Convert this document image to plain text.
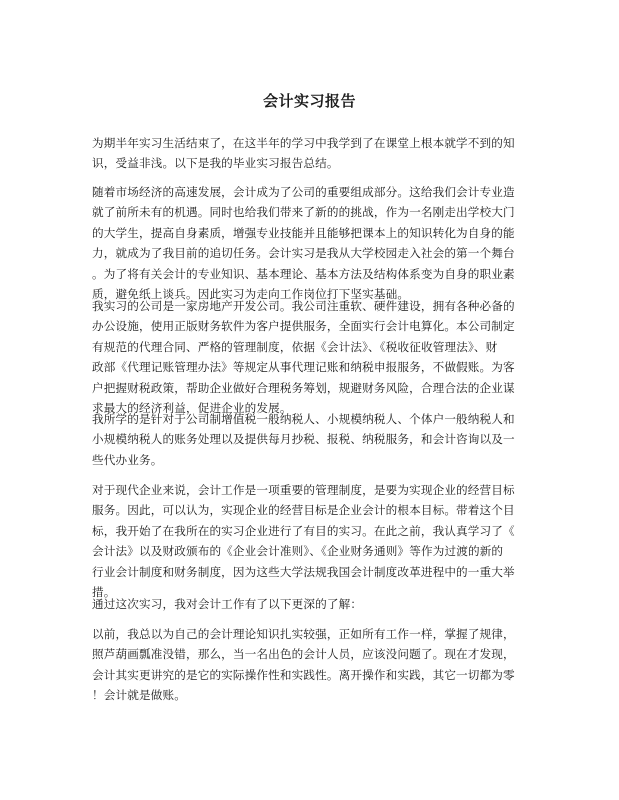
会计实习报告

为期半年实习生活结束了，在这半年的学习中我学到了在课堂上根本就学不到的知
识，受益非浅。以下是我的毕业实习报告总结。

随着市场经济的高速发展，会计成为了公司的重要组成部分。这给我们会计专业造
就了前所未有的机遇。同时也给我们带来了新的的挑战，作为一名刚走出学校大门
的大学生，提高自身素质，增强专业技能并且能够把课本上的知识转化为自身的能
力，就成为了我目前的追切任务。会计实习是我从大学校园走入社会的第一个舞台
。为了将有关会计的专业知识、基本理论、基本方法及结构体系变为自身的职业素
质，避免纸上谈兵。因此实习为走向工作岗位打下坚实基础。

我实习的公司是一家房地产开发公司。我公司注重软、硬件建设，拥有各种必备的
办公设施，使用正版财务软件为客户提供服务，全面实行会计电算化。本公司制定
有规范的代理合同、严格的管理制度，依据《会计法》、《税收征收管理法》、财
政部《代理记账管理办法》等规定从事代理记账和纳税申报服务，不做假账。为客
户把握财税政策，帮助企业做好合理税务筹划，规避财务风险，合理合法的企业谋
求最大的经济利益，促进企业的发展。

我所学的是针对于公司制增值税一般纳税人、小规模纳税人、个体户一般纳税人和
小规模纳税人的账务处理以及提供每月抄税、报税、纳税服务，和会计咨询以及一
些代办业务。

对于现代企业来说，会计工作是一项重要的管理制度，是要为实现企业的经营目标
服务。因此，可以认为，实现企业的经营目标是企业会计的根本目标。带着这个目
标，我开始了在我所在的实习企业进行了有目的实习。在此之前，我认真学习了《
会计法》以及财政颁布的《企业会计准则》、《企业财务通则》等作为过渡的新的
行业会计制度和财务制度，因为这些大学法规我国会计制度改革进程中的一重大举
措。

通过这次实习，我对会计工作有了以下更深的了解：

以前，我总以为自己的会计理论知识扎实较强，正如所有工作一样，掌握了规律，
照芦葫画瓢准没错，那么，当一名出色的会计人员，应该没问题了。现在才发现，
会计其实更讲究的是它的实际操作性和实践性。离开操作和实践，其它一切都为零
！会计就是做账。
